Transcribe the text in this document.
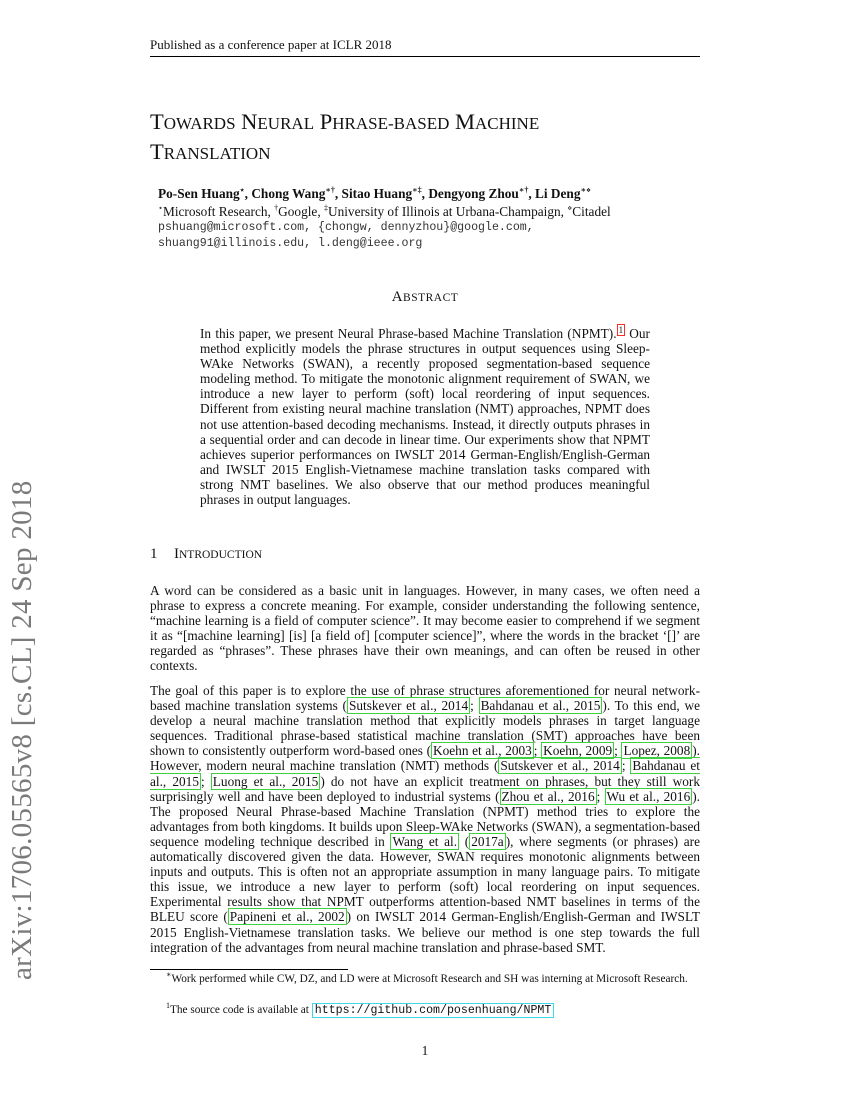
Published as a conference paper at ICLR 2018
arXiv:1706.05565v8 [cs.CL] 24 Sep 2018
TOWARDS NEURAL PHRASE-BASED MACHINE
TRANSLATION
Po-Sen Huang⋆, Chong Wang∗†, Sitao Huang∗‡, Dengyong Zhou∗†, Li Deng∗⋄
⋆Microsoft Research, †Google, ‡University of Illinois at Urbana-Champaign, ⋄Citadel
pshuang@microsoft.com, {chongw, dennyzhou}@google.com,
shuang91@illinois.edu, l.deng@ieee.org
ABSTRACT
In this paper, we present Neural Phrase-based Machine Translation (NPMT). $^1$ Our method explicitly models the phrase structures in output sequences using Sleep-WAke Networks (SWAN), a recently proposed segmentation-based sequence modeling method. To mitigate the monotonic alignment requirement of SWAN, we introduce a new layer to perform (soft) local reordering of input sequences. Different from existing neural machine translation (NMT) approaches, NPMT does not use attention-based decoding mechanisms. Instead, it directly outputs phrases in a sequential order and can decode in linear time. Our experiments show that NPMT achieves superior performances on IWSLT 2014 German-English/English-German and IWSLT 2015 English-Vietnamese machine translation tasks compared with strong NMT baselines. We also observe that our method produces meaningful phrases in output languages.
1 INTRODUCTION

A word can be considered as a basic unit in languages. However, in many cases, we often need a phrase to express a concrete meaning. For example, consider understanding the following sentence, “machine learning is a field of computer science”. It may become easier to comprehend if we segment it as “[machine learning] [is] [a field of] [computer science]”, where the words in the bracket ‘[]’ are regarded as “phrases”. These phrases have their own meanings, and can often be reused in other contexts.

The goal of this paper is to explore the use of phrase structures aforementioned for neural network-based machine translation systems ( Sutskever et al., 2014 ; Bahdanau et al., 2015 ). To this end, we develop a neural machine translation method that explicitly models phrases in target language sequences. Traditional phrase-based statistical machine translation (SMT) approaches have been shown to consistently outperform word-based ones ( Koehn et al., 2003 ; Koehn, 2009 ; Lopez, 2008 ). However, modern neural machine translation (NMT) methods ( Sutskever et al., 2014 ; Bahdanau et al., 2015 ; Luong et al., 2015 ) do not have an explicit treatment on phrases, but they still work surprisingly well and have been deployed to industrial systems ( Zhou et al., 2016 ; Wu et al., 2016 ). The proposed Neural Phrase-based Machine Translation (NPMT) method tries to explore the advantages from both kingdoms. It builds upon Sleep-WAke Networks (SWAN), a segmentation-based sequence modeling technique described in Wang et al. ( 2017a ), where segments (or phrases) are automatically discovered given the data. However, SWAN requires monotonic alignments between inputs and outputs. This is often not an appropriate assumption in many language pairs. To mitigate this issue, we introduce a new layer to perform (soft) local reordering on input sequences. Experimental results show that NPMT outperforms attention-based NMT baselines in terms of the BLEU score ( Papineni et al., 2002 ) on IWSLT 2014 German-English/English-German and IWSLT 2015 English-Vietnamese translation tasks. We believe our method is one step towards the full integration of the advantages from neural machine translation and phrase-based SMT.

∗Work performed while CW, DZ, and LD were at Microsoft Research and SH was interning at Microsoft Research.
$^1$The source code is available at https://github.com/posenhuang/NPMT
1
